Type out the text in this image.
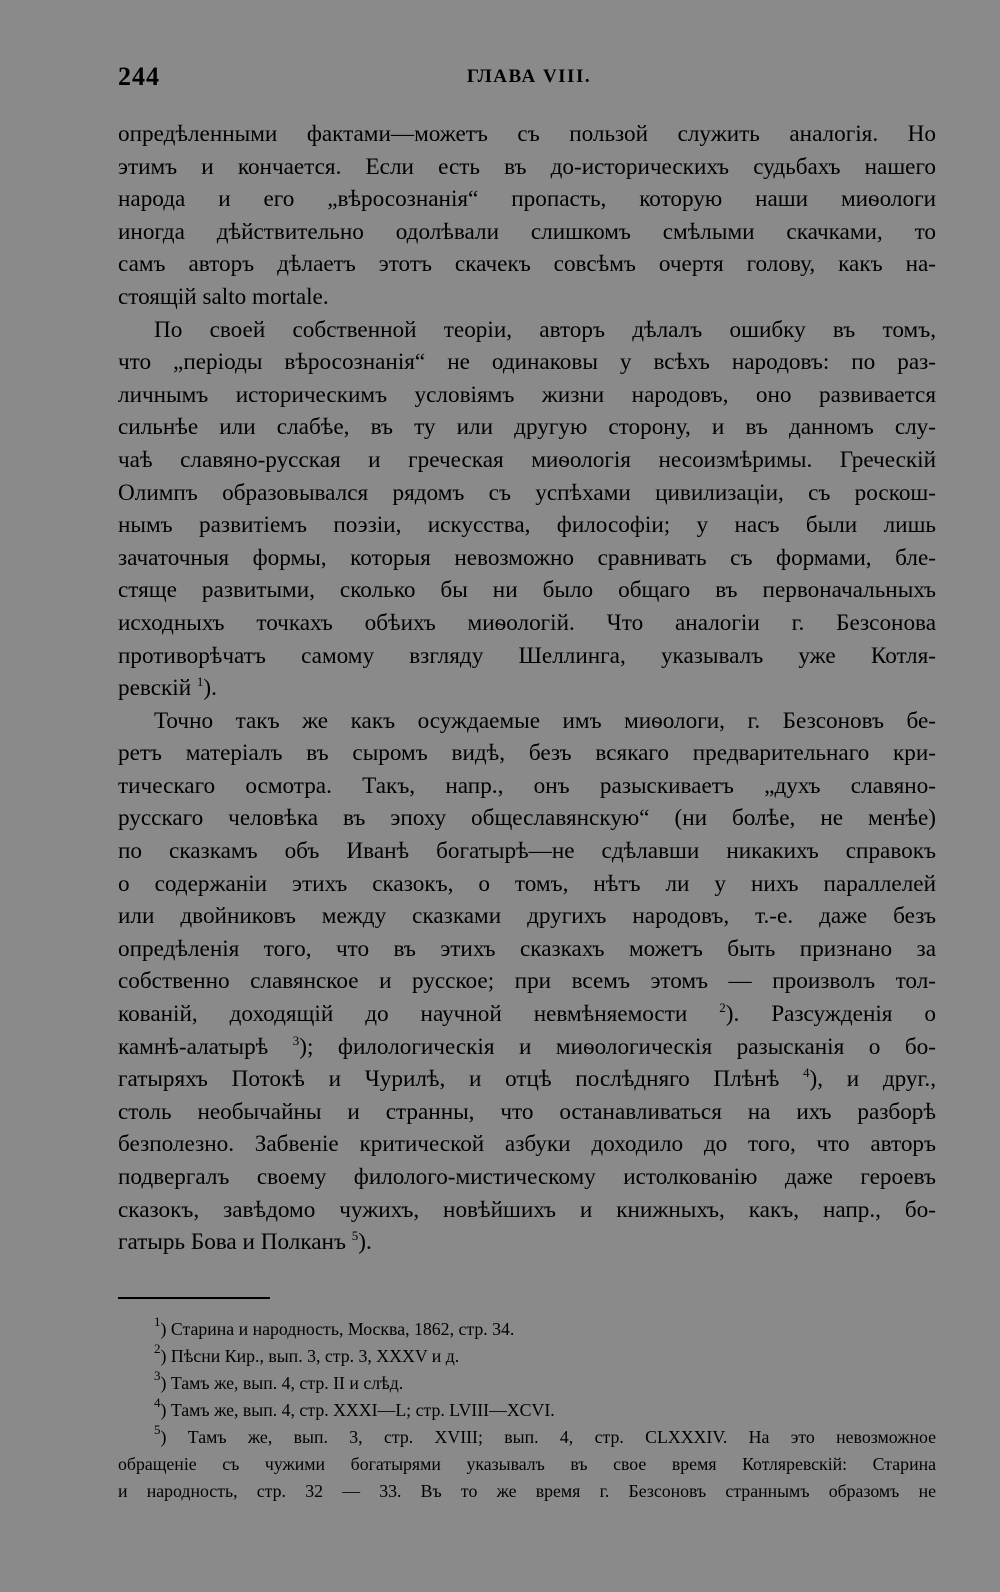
244	ГЛАВА VIII.

опредѣленными фактами—можетъ съ пользой служить аналогія. Но
этимъ и кончается. Если есть въ до-историческихъ судьбахъ нашего
народа и его „вѣросознанія“ пропасть, которую наши миѳологи
иногда дѣйствительно одолѣвали слишкомъ смѣлыми скачками, то
самъ авторъ дѣлаетъ этотъ скачекъ совсѣмъ очертя голову, какъ на-
стоящій salto mortale.

По своей собственной теоріи, авторъ дѣлалъ ошибку въ томъ,
что „періоды вѣросознанія“ не одинаковы у всѣхъ народовъ: по раз-
личнымъ историческимъ условіямъ жизни народовъ, оно развивается
сильнѣе или слабѣе, въ ту или другую сторону, и въ данномъ слу-
чаѣ славяно-русская и греческая миѳологія несоизмѣримы. Греческій
Олимпъ образовывался рядомъ съ успѣхами цивилизаціи, съ роскош-
нымъ развитіемъ поэзіи, искусства, философіи; у насъ были лишь
зачаточныя формы, которыя невозможно сравнивать съ формами, бле-
стяще развитыми, сколько бы ни было общаго въ первоначальныхъ
исходныхъ точкахъ обѣихъ миѳологій. Что аналогіи г. Безсонова
противорѣчатъ самому взгляду Шеллинга, указывалъ уже Котля-
ревскій $^1$).

Точно такъ же какъ осуждаемые имъ миѳологи, г. Безсоновъ бе-
ретъ матеріалъ въ сыромъ видѣ, безъ всякаго предварительнаго кри-
тическаго осмотра. Такъ, напр., онъ разыскиваетъ „духъ славяно-
русскаго человѣка въ эпоху общеславянскую“ (ни болѣе, не менѣе)
по сказкамъ объ Иванѣ богатырѣ—не сдѣлавши никакихъ справокъ
о содержаніи этихъ сказокъ, о томъ, нѣтъ ли у нихъ параллелей
или двойниковъ между сказками другихъ народовъ, т.-е. даже безъ
опредѣленія того, что въ этихъ сказкахъ можетъ быть признано за
собственно славянское и русское; при всемъ этомъ — произволъ тол-
кованій, доходящій до научной невмѣняемости $^2$). Разсужденія о
камнѣ-алатырѣ $^3$); филологическія и миѳологическія разысканія о бо-
гатыряхъ Потокѣ и Чурилѣ, и отцѣ послѣдняго Плѣнѣ $^4$), и друг.,
столь необычайны и странны, что останавливаться на ихъ разборѣ
безполезно. Забвеніе критической азбуки доходило до того, что авторъ
подвергалъ своему филолого-мистическому истолкованію даже героевъ
сказокъ, завѣдомо чужихъ, новѣйшихъ и книжныхъ, какъ, напр., бо-
гатырь Бова и Полканъ $^5$).

$^1$) Старина и народность, Москва, 1862, стр. 34.
$^2$) Пѣсни Кир., вып. 3, стр. 3, XXXV и д.
$^3$) Тамъ же, вып. 4, стр. II и слѣд.
$^4$) Тамъ же, вып. 4, стр. XXXI—L; стр. LVIII—XCVI.
$^5$) Тамъ же, вып. 3, стр. XVIII; вып. 4, стр. CLXXXIV. На это невозможное
обращеніе съ чужими богатырями указывалъ въ свое время Котляревскій: Старина
и народность, стр. 32 — 33. Въ то же время г. Безсоновъ страннымъ образомъ не
